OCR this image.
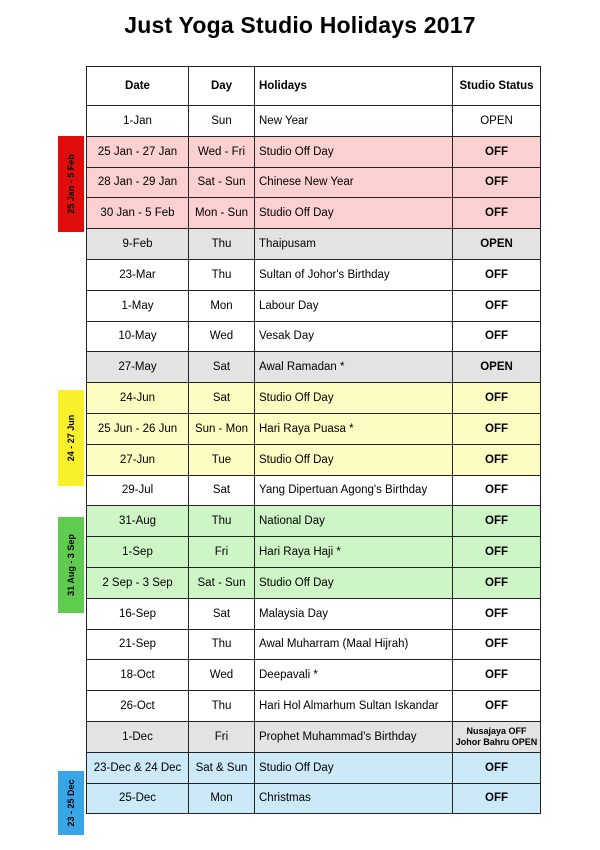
Just Yoga Studio Holidays 2017
25 Jan - 5 Feb
24 - 27 Jun
31 Aug - 3 Sep
23 - 25 Dec
Date	Day	Holidays	Studio Status
1-Jan	Sun	New Year	OPEN
25 Jan - 27 Jan	Wed - Fri	Studio Off Day	OFF
28 Jan - 29 Jan	Sat - Sun	Chinese New Year	OFF
30 Jan - 5 Feb	Mon - Sun	Studio Off Day	OFF
9-Feb	Thu	Thaipusam	OPEN
23-Mar	Thu	Sultan of Johor's Birthday	OFF
1-May	Mon	Labour Day	OFF
10-May	Wed	Vesak Day	OFF
27-May	Sat	Awal Ramadan *	OPEN
24-Jun	Sat	Studio Off Day	OFF
25 Jun - 26 Jun	Sun - Mon	Hari Raya Puasa *	OFF
27-Jun	Tue	Studio Off Day	OFF
29-Jul	Sat	Yang Dipertuan Agong's Birthday	OFF
31-Aug	Thu	National Day	OFF
1-Sep	Fri	Hari Raya Haji *	OFF
2 Sep - 3 Sep	Sat - Sun	Studio Off Day	OFF
16-Sep	Sat	Malaysia Day	OFF
21-Sep	Thu	Awal Muharram (Maal Hijrah)	OFF
18-Oct	Wed	Deepavali *	OFF
26-Oct	Thu	Hari Hol Almarhum Sultan Iskandar	OFF
1-Dec	Fri	Prophet Muhammad's Birthday	Nusajaya OFF
Johor Bahru OPEN

23-Dec & 24 Dec	Sat & Sun	Studio Off Day	OFF
25-Dec	Mon	Christmas	OFF
